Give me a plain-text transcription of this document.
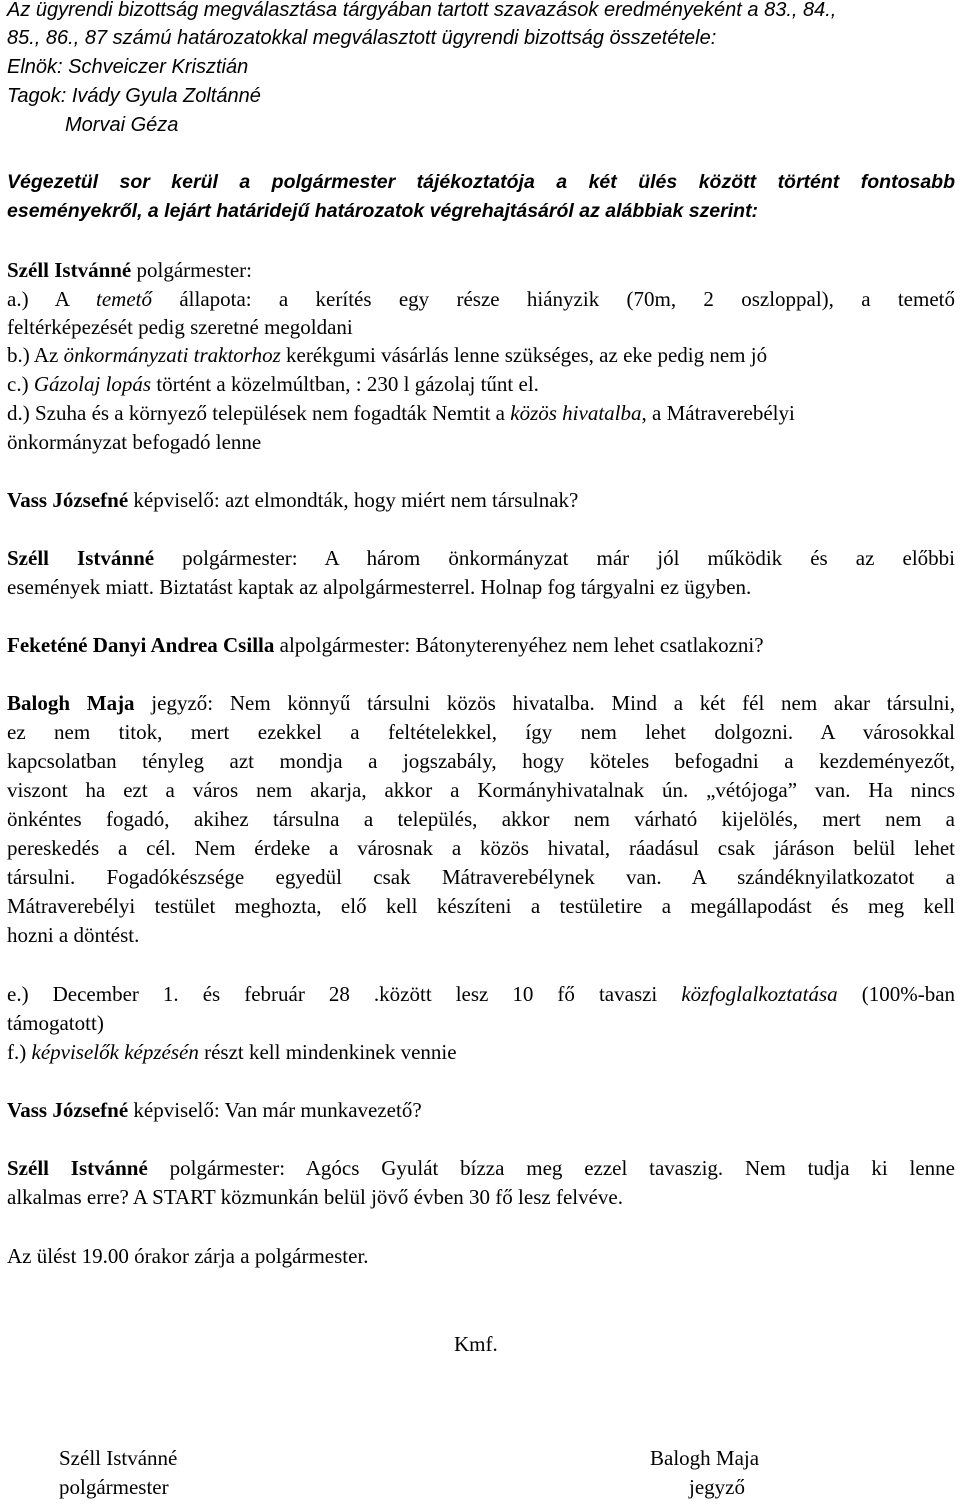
Az ügyrendi bizottság megválasztása tárgyában tartott szavazások eredményeként a 83., 84.,
85., 86., 87 számú határozatokkal megválasztott ügyrendi bizottság összetétele:
Elnök: Schveiczer Krisztián
Tagok: Ivády Gyula Zoltánné
Morvai Géza
Végezetül sor kerül a polgármester tájékoztatója a két ülés között történt fontosabb
eseményekről, a lejárt határidejű határozatok végrehajtásáról az alábbiak szerint:
Széll Istvánné polgármester:
a.) A temető állapota: a kerítés egy része hiányzik (70m, 2 oszloppal), a temető
feltérképezését pedig szeretné megoldani
b.) Az önkormányzati traktorhoz kerékgumi vásárlás lenne szükséges, az eke pedig nem jó
c.) Gázolaj lopás történt a közelmúltban, : 230 l gázolaj tűnt el.
d.) Szuha és a környező települések nem fogadták Nemtit a közös hivatalba, a Mátraverebélyi
önkormányzat befogadó lenne
Vass Józsefné képviselő: azt elmondták, hogy miért nem társulnak?
Széll Istvánné polgármester: A három önkormányzat már jól működik és az előbbi
események miatt. Biztatást kaptak az alpolgármesterrel. Holnap fog tárgyalni ez ügyben.
Feketéné Danyi Andrea Csilla alpolgármester: Bátonyterenyéhez nem lehet csatlakozni?
Balogh Maja jegyző: Nem könnyű társulni közös hivatalba. Mind a két fél nem akar társulni,
ez nem titok, mert ezekkel a feltételekkel, így nem lehet dolgozni. A városokkal
kapcsolatban tényleg azt mondja a jogszabály, hogy köteles befogadni a kezdeményezőt,
viszont ha ezt a város nem akarja, akkor a Kormányhivatalnak ún. „vétójoga” van. Ha nincs
önkéntes fogadó, akihez társulna a település, akkor nem várható kijelölés, mert nem a
pereskedés a cél. Nem érdeke a városnak a közös hivatal, ráadásul csak járáson belül lehet
társulni. Fogadókészsége egyedül csak Mátraverebélynek van. A szándéknyilatkozatot a
Mátraverebélyi testület meghozta, elő kell készíteni a testületire a megállapodást és meg kell
hozni a döntést.
e.) December 1. és február 28 .között lesz 10 fő tavaszi közfoglalkoztatása (100%-ban
támogatott)
f.) képviselők képzésén részt kell mindenkinek vennie
Vass Józsefné képviselő: Van már munkavezető?
Széll Istvánné polgármester: Agócs Gyulát bízza meg ezzel tavaszig. Nem tudja ki lenne
alkalmas erre? A START közmunkán belül jövő évben 30 fő lesz felvéve.
Az ülést 19.00 órakor zárja a polgármester.
Kmf.
Széll Istvánné
polgármester
Balogh Maja
jegyző
